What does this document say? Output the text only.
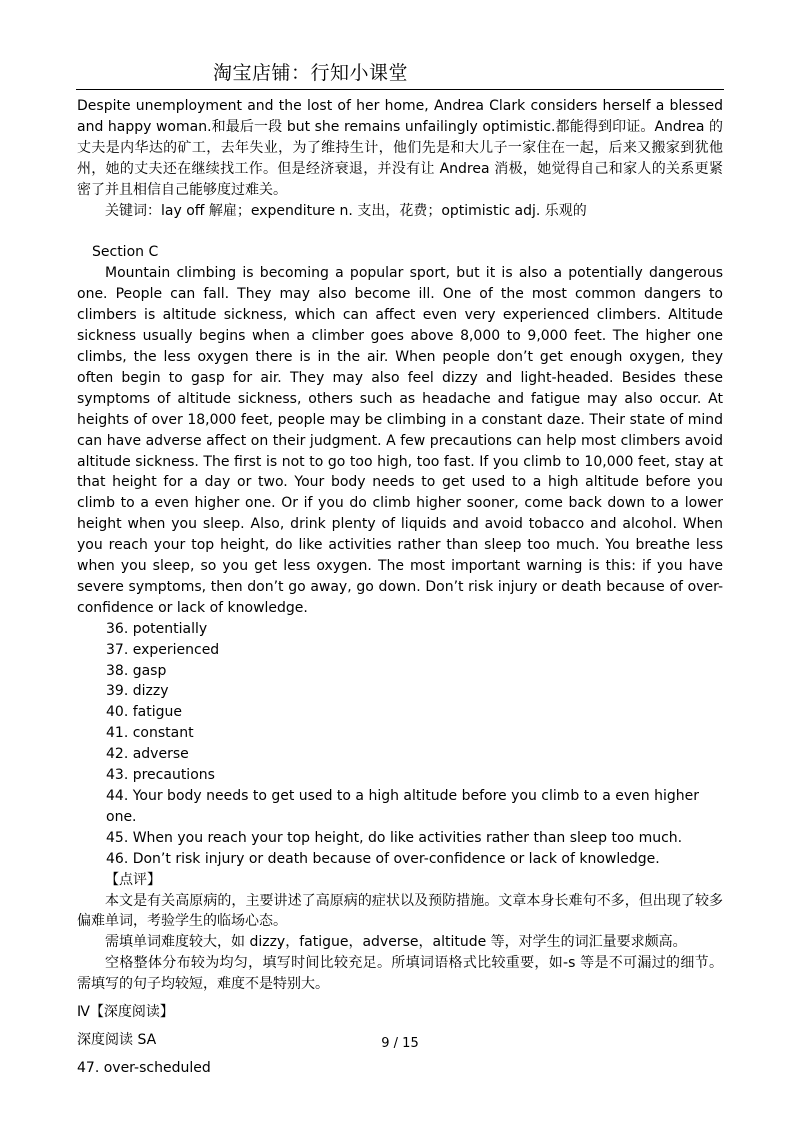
淘宝店铺：行知小课堂

Despite unemployment and the lost of her home, Andrea Clark considers herself a blessed and happy woman.和最后一段 but she remains unfailingly optimistic.都能得到印证。Andrea 的丈夫是内华达的矿工，去年失业，为了维持生计，他们先是和大儿子一家住在一起，后来又搬家到犹他州，她的丈夫还在继续找工作。但是经济衰退，并没有让 Andrea 消极，她觉得自己和家人的关系更紧密了并且相信自己能够度过难关。

关键词：lay off 解雇；expenditure n. 支出，花费；optimistic adj. 乐观的

Section C

Mountain climbing is becoming a popular sport, but it is also a potentially dangerous one. People can fall. They may also become ill. One of the most common dangers to climbers is altitude sickness, which can affect even very experienced climbers. Altitude sickness usually begins when a climber goes above 8,000 to 9,000 feet. The higher one climbs, the less oxygen there is in the air. When people don’t get enough oxygen, they often begin to gasp for air. They may also feel dizzy and light-headed. Besides these symptoms of altitude sickness, others such as headache and fatigue may also occur. At heights of over 18,000 feet, people may be climbing in a constant daze. Their state of mind can have adverse affect on their judgment. A few precautions can help most climbers avoid altitude sickness. The first is not to go too high, too fast. If you climb to 10,000 feet, stay at that height for a day or two. Your body needs to get used to a high altitude before you climb to a even higher one. Or if you do climb higher sooner, come back down to a lower height when you sleep. Also, drink plenty of liquids and avoid tobacco and alcohol. When you reach your top height, do like activities rather than sleep too much. You breathe less when you sleep, so you get less oxygen. The most important warning is this: if you have severe symptoms, then don’t go away, go down. Don’t risk injury or death because of over-confidence or lack of knowledge.

36. potentially

37. experienced

38. gasp

39. dizzy

40. fatigue

41. constant

42. adverse

43. precautions

44. Your body needs to get used to a high altitude before you climb to a even higher one.

45. When you reach your top height, do like activities rather than sleep too much.

46. Don’t risk injury or death because of over-confidence or lack of knowledge.

【点评】

本文是有关高原病的，主要讲述了高原病的症状以及预防措施。文章本身长难句不多，但出现了较多偏难单词，考验学生的临场心态。

需填单词难度较大，如 dizzy，fatigue，adverse，altitude 等，对学生的词汇量要求颇高。

空格整体分布较为均匀，填写时间比较充足。所填词语格式比较重要，如-s 等是不可漏过的细节。需填写的句子均较短，难度不是特别大。

Ⅳ【深度阅读】

深度阅读 SA

47. over-scheduled

9 / 15
